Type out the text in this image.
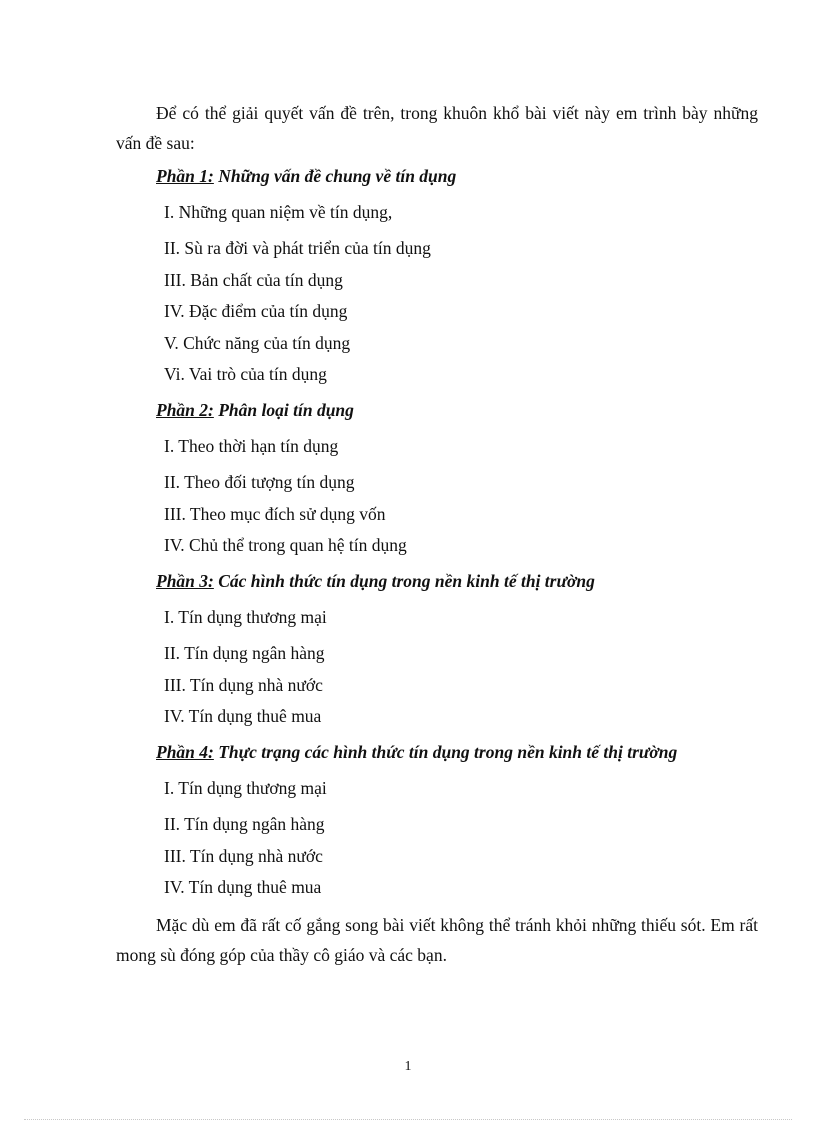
Để có thể giải quyết vấn đề trên, trong khuôn khổ bài viết này em trình bày những vấn đề sau:

Phần 1: Những vấn đề chung về tín dụng

I. Những quan niệm về tín dụng,

II. Sù ra đời và phát triển của tín dụng

III. Bản chất của tín dụng

IV. Đặc điểm của tín dụng

V. Chức năng của tín dụng

Vi. Vai trò của tín dụng

Phần 2: Phân loại tín dụng

I. Theo thời hạn tín dụng

II. Theo đối tượng tín dụng

III. Theo mục đích sử dụng vốn

IV. Chủ thể trong quan hệ tín dụng

Phần 3: Các hình thức tín dụng trong nền kinh tế thị trường

I. Tín dụng thương mại

II. Tín dụng ngân hàng

III. Tín dụng nhà nước

IV. Tín dụng thuê mua

Phần 4: Thực trạng các hình thức tín dụng trong nền kinh tế thị trường

I. Tín dụng thương mại

II. Tín dụng ngân hàng

III. Tín dụng nhà nước

IV. Tín dụng thuê mua

Mặc dù em đã rất cố gắng song bài viết không thể tránh khỏi những thiếu sót. Em rất mong sù đóng góp của thầy cô giáo và các bạn.

1
